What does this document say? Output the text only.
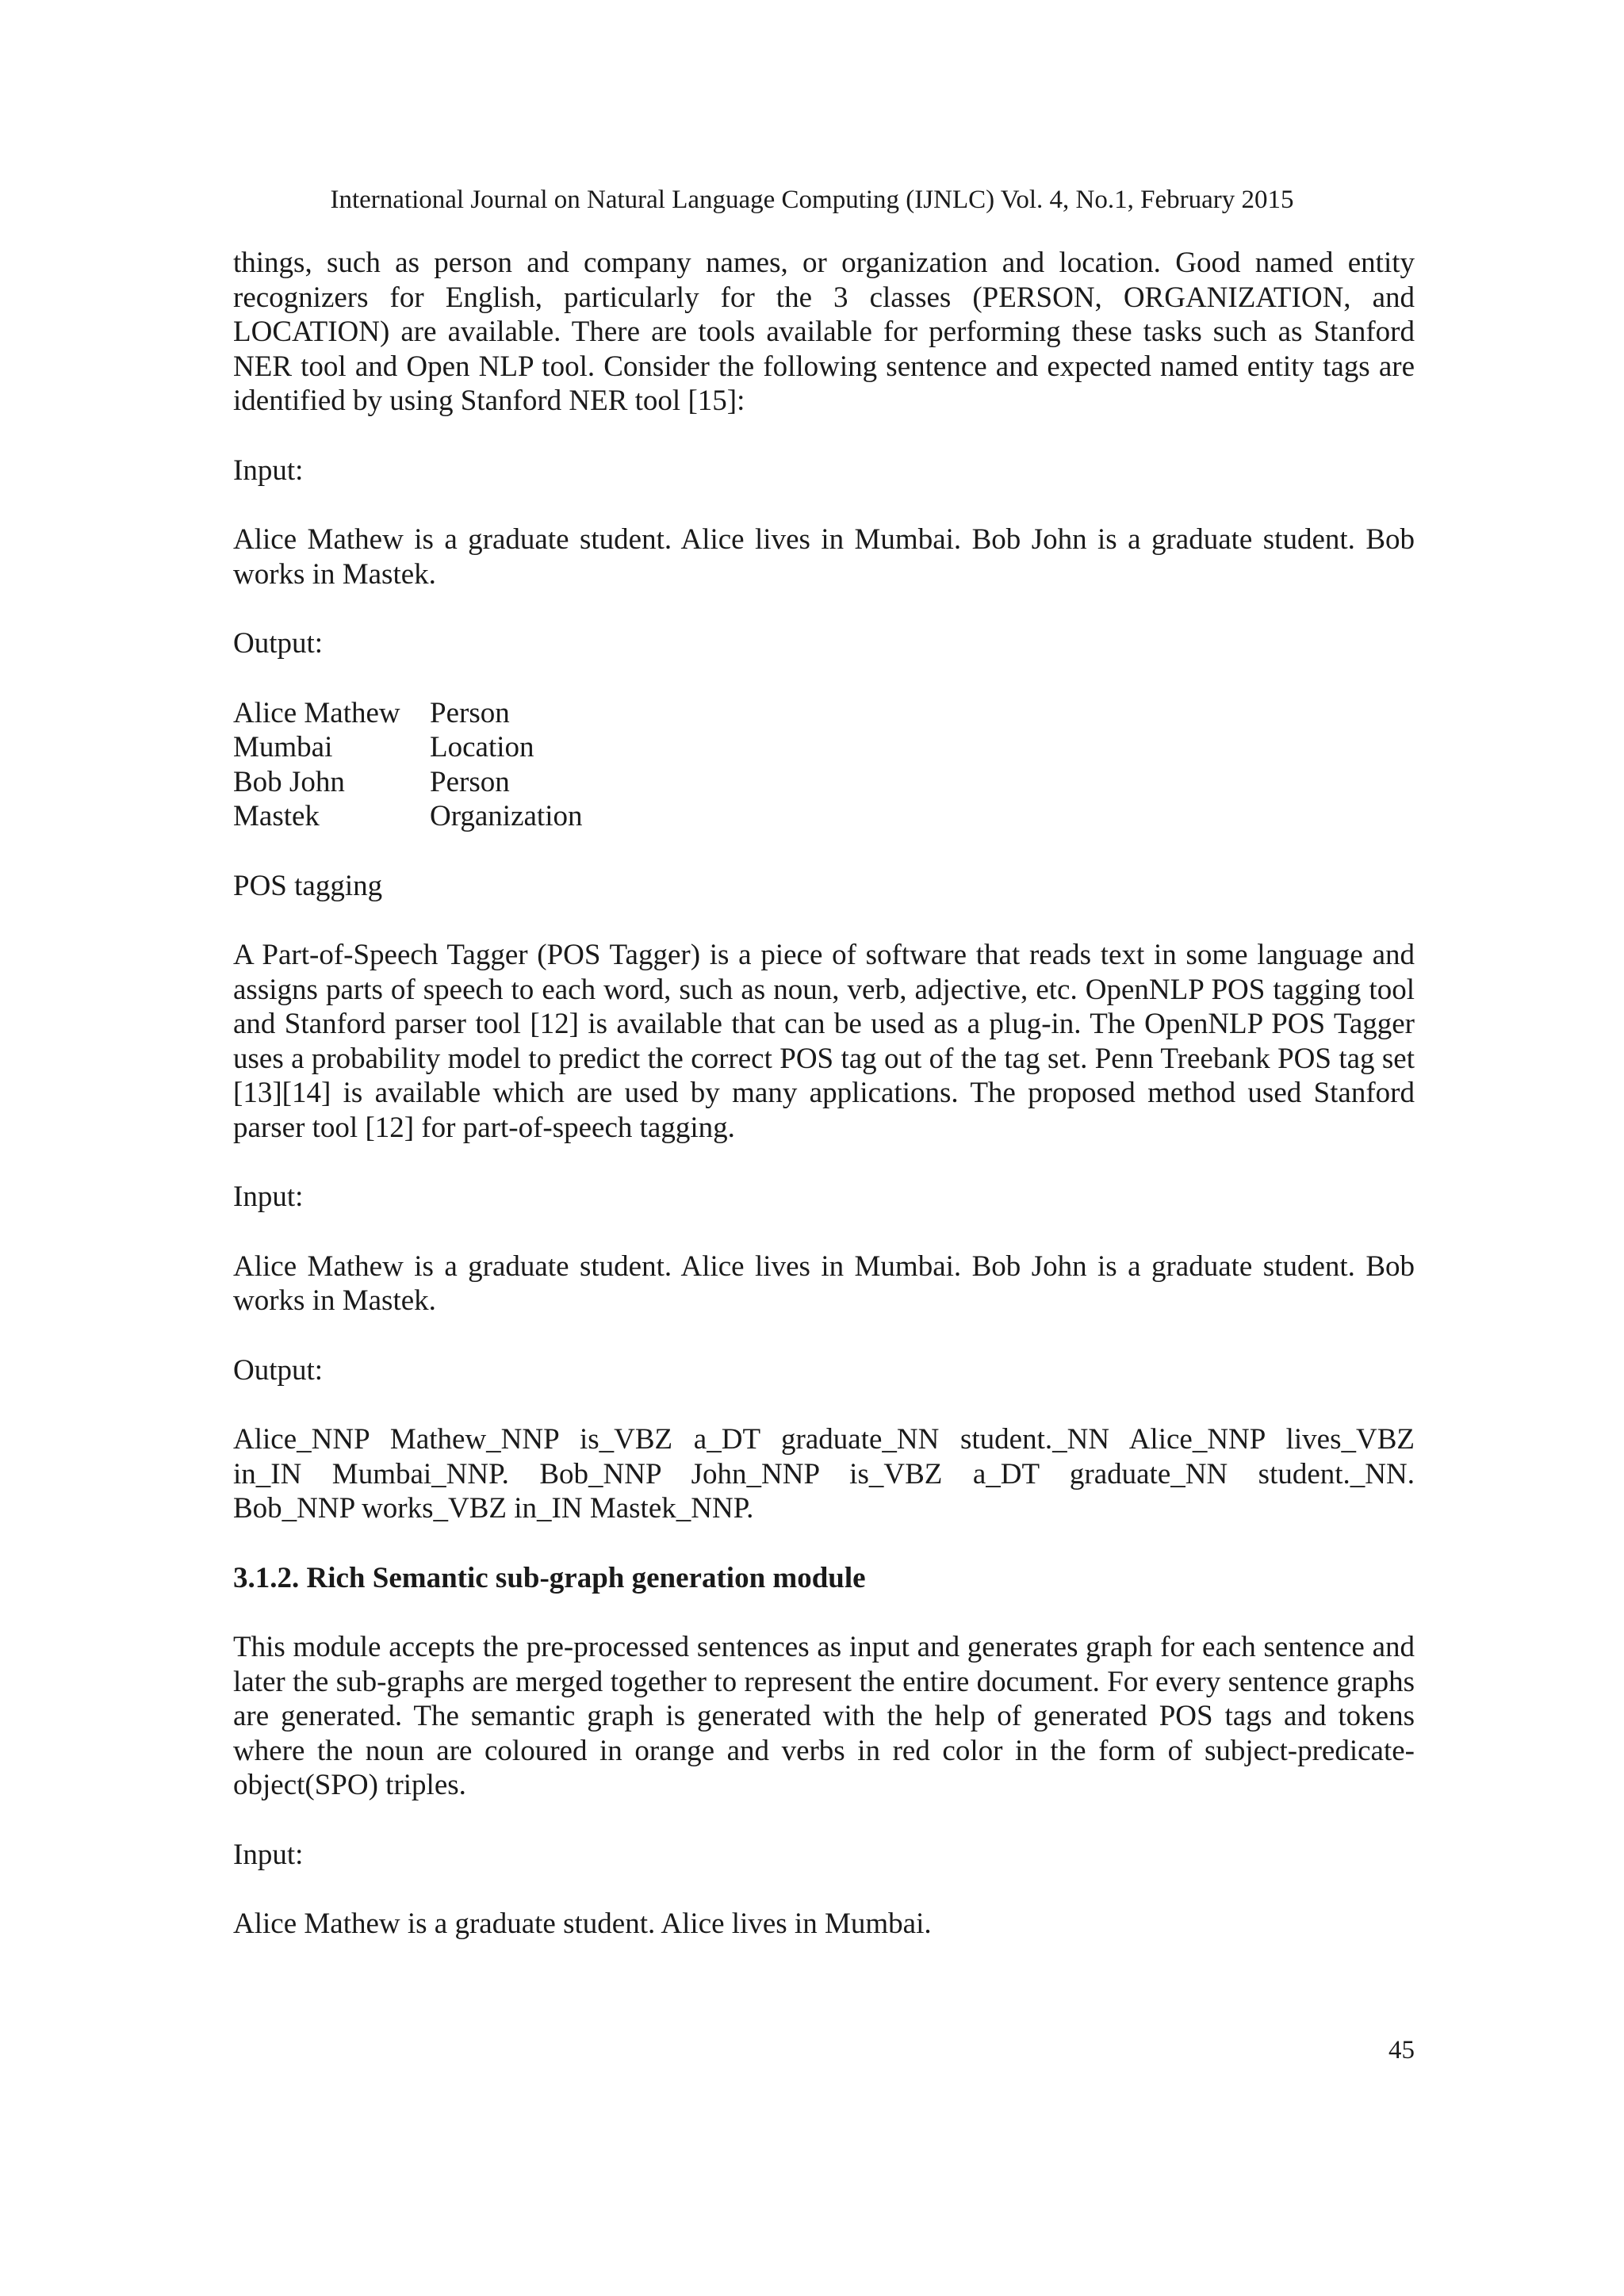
International Journal on Natural Language Computing (IJNLC) Vol. 4, No.1, February 2015

things, such as person and company names, or organization and location. Good named entity recognizers for English, particularly for the 3 classes (PERSON, ORGANIZATION, and LOCATION) are available. There are tools available for performing these tasks such as Stanford NER tool and Open NLP tool. Consider the following sentence and expected named entity tags are identified by using Stanford NER tool [15]:

Input:

Alice Mathew is a graduate student. Alice lives in Mumbai. Bob John is a graduate student. Bob works in Mastek.

Output:

Alice Mathew	Person
Mumbai	Location
Bob John	Person
Mastek	Organization

POS tagging

A Part-of-Speech Tagger (POS Tagger) is a piece of software that reads text in some language and assigns parts of speech to each word, such as noun, verb, adjective, etc. OpenNLP POS tagging tool and Stanford parser tool [12] is available that can be used as a plug-in. The OpenNLP POS Tagger uses a probability model to predict the correct POS tag out of the tag set. Penn Treebank POS tag set [13][14] is available which are used by many applications. The proposed method used Stanford parser tool [12] for part-of-speech tagging.

Input:

Alice Mathew is a graduate student. Alice lives in Mumbai. Bob John is a graduate student. Bob works in Mastek.

Output:

Alice_NNP Mathew_NNP is_VBZ a_DT graduate_NN student._NN Alice_NNP lives_VBZ

in_IN Mumbai_NNP. Bob_NNP John_NNP is_VBZ a_DT graduate_NN student._NN.

Bob_NNP works_VBZ in_IN Mastek_NNP.

3.1.2. Rich Semantic sub-graph generation module

This module accepts the pre-processed sentences as input and generates graph for each sentence and later the sub-graphs are merged together to represent the entire document. For every sentence graphs are generated. The semantic graph is generated with the help of generated POS tags and tokens where the noun are coloured in orange and verbs in red color in the form of subject-predicate-object(SPO) triples.

Input:

Alice Mathew is a graduate student. Alice lives in Mumbai.

45
